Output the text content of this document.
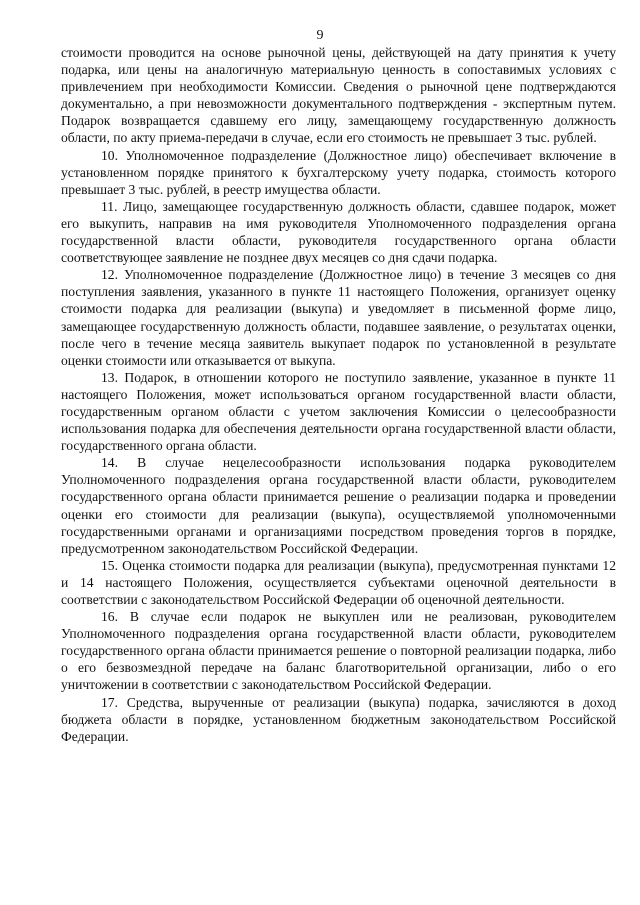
9

стоимости проводится на основе рыночной цены, действующей на дату принятия к учету подарка, или цены на аналогичную материальную ценность в сопоставимых условиях с привлечением при необходимости Комиссии. Сведения о рыночной цене подтверждаются документально, а при невозможности документального подтверждения - экспертным путем. Подарок возвращается сдавшему его лицу, замещающему государственную должность области, по акту приема-передачи в случае, если его стоимость не превышает 3 тыс. рублей.

10. Уполномоченное подразделение (Должностное лицо) обеспечивает включение в установленном порядке принятого к бухгалтерскому учету подарка, стоимость которого превышает 3 тыс. рублей, в реестр имущества области.

11. Лицо, замещающее государственную должность области, сдавшее подарок, может его выкупить, направив на имя руководителя Уполномоченного подразделения органа государственной власти области, руководителя государственного органа области соответствующее заявление не позднее двух месяцев со дня сдачи подарка.

12. Уполномоченное подразделение (Должностное лицо) в течение 3 месяцев со дня поступления заявления, указанного в пункте 11 настоящего Положения, организует оценку стоимости подарка для реализации (выкупа) и уведомляет в письменной форме лицо, замещающее государственную должность области, подавшее заявление, о результатах оценки, после чего в течение месяца заявитель выкупает подарок по установленной в результате оценки стоимости или отказывается от выкупа.

13. Подарок, в отношении которого не поступило заявление, указанное в пункте 11 настоящего Положения, может использоваться органом государственной власти области, государственным органом области с учетом заключения Комиссии о целесообразности использования подарка для обеспечения деятельности органа государственной власти области, государственного органа области.

14. В случае нецелесообразности использования подарка руководителем Уполномоченного подразделения органа государственной власти области, руководителем государственного органа области принимается решение о реализации подарка и проведении оценки его стоимости для реализации (выкупа), осуществляемой уполномоченными государственными органами и организациями посредством проведения торгов в порядке, предусмотренном законодательством Российской Федерации.

15. Оценка стоимости подарка для реализации (выкупа), предусмотренная пунктами 12 и 14 настоящего Положения, осуществляется субъектами оценочной деятельности в соответствии с законодательством Российской Федерации об оценочной деятельности.

16. В случае если подарок не выкуплен или не реализован, руководителем Уполномоченного подразделения органа государственной власти области, руководителем государственного органа области принимается решение о повторной реализации подарка, либо о его безвозмездной передаче на баланс благотворительной организации, либо о его уничтожении в соответствии с законодательством Российской Федерации.

17. Средства, вырученные от реализации (выкупа) подарка, зачисляются в доход бюджета области в порядке, установленном бюджетным законодательством Российской Федерации.
